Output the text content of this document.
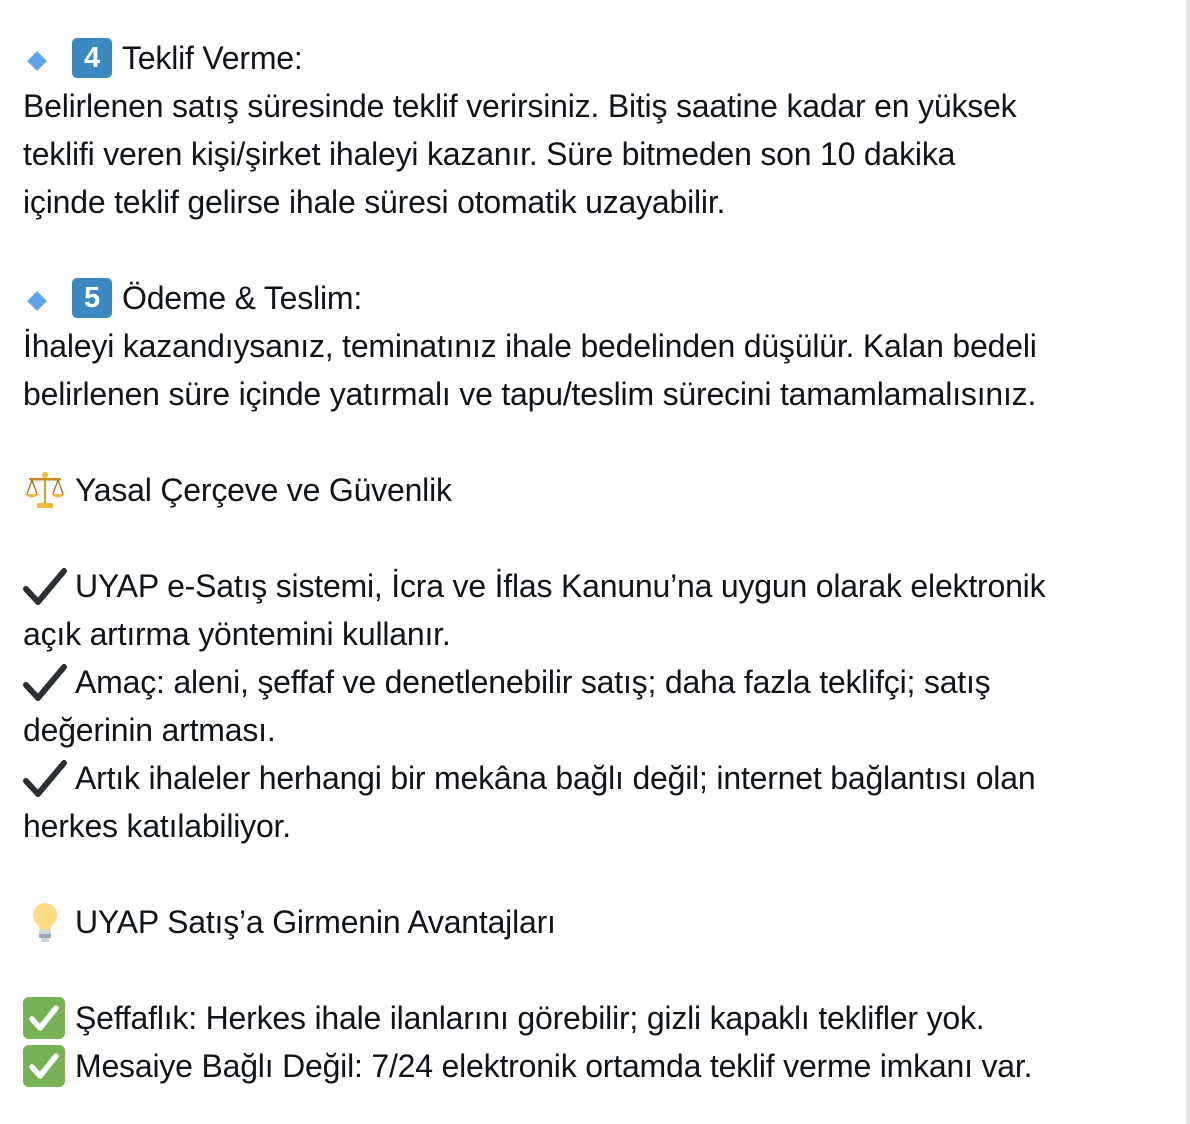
4 Teklif Verme:
Belirlenen satış süresinde teklif verirsiniz. Bitiş saatine kadar en yüksek
teklifi veren kişi/şirket ihaleyi kazanır. Süre bitmeden son 10 dakika
içinde teklif gelirse ihale süresi otomatik uzayabilir.
5 Ödeme & Teslim:
İhaleyi kazandıysanız, teminatınız ihale bedelinden düşülür. Kalan bedeli
belirlenen süre içinde yatırmalı ve tapu/teslim sürecini tamamlamalısınız.
Yasal Çerçeve ve Güvenlik
UYAP e-Satış sistemi, İcra ve İflas Kanunu’na uygun olarak elektronik
açık artırma yöntemini kullanır.
Amaç: aleni, şeffaf ve denetlenebilir satış; daha fazla teklifçi; satış
değerinin artması.
Artık ihaleler herhangi bir mekâna bağlı değil; internet bağlantısı olan
herkes katılabiliyor.
UYAP Satış’a Girmenin Avantajları
Şeffaflık: Herkes ihale ilanlarını görebilir; gizli kapaklı teklifler yok.
Mesaiye Bağlı Değil: 7/24 elektronik ortamda teklif verme imkanı var.
